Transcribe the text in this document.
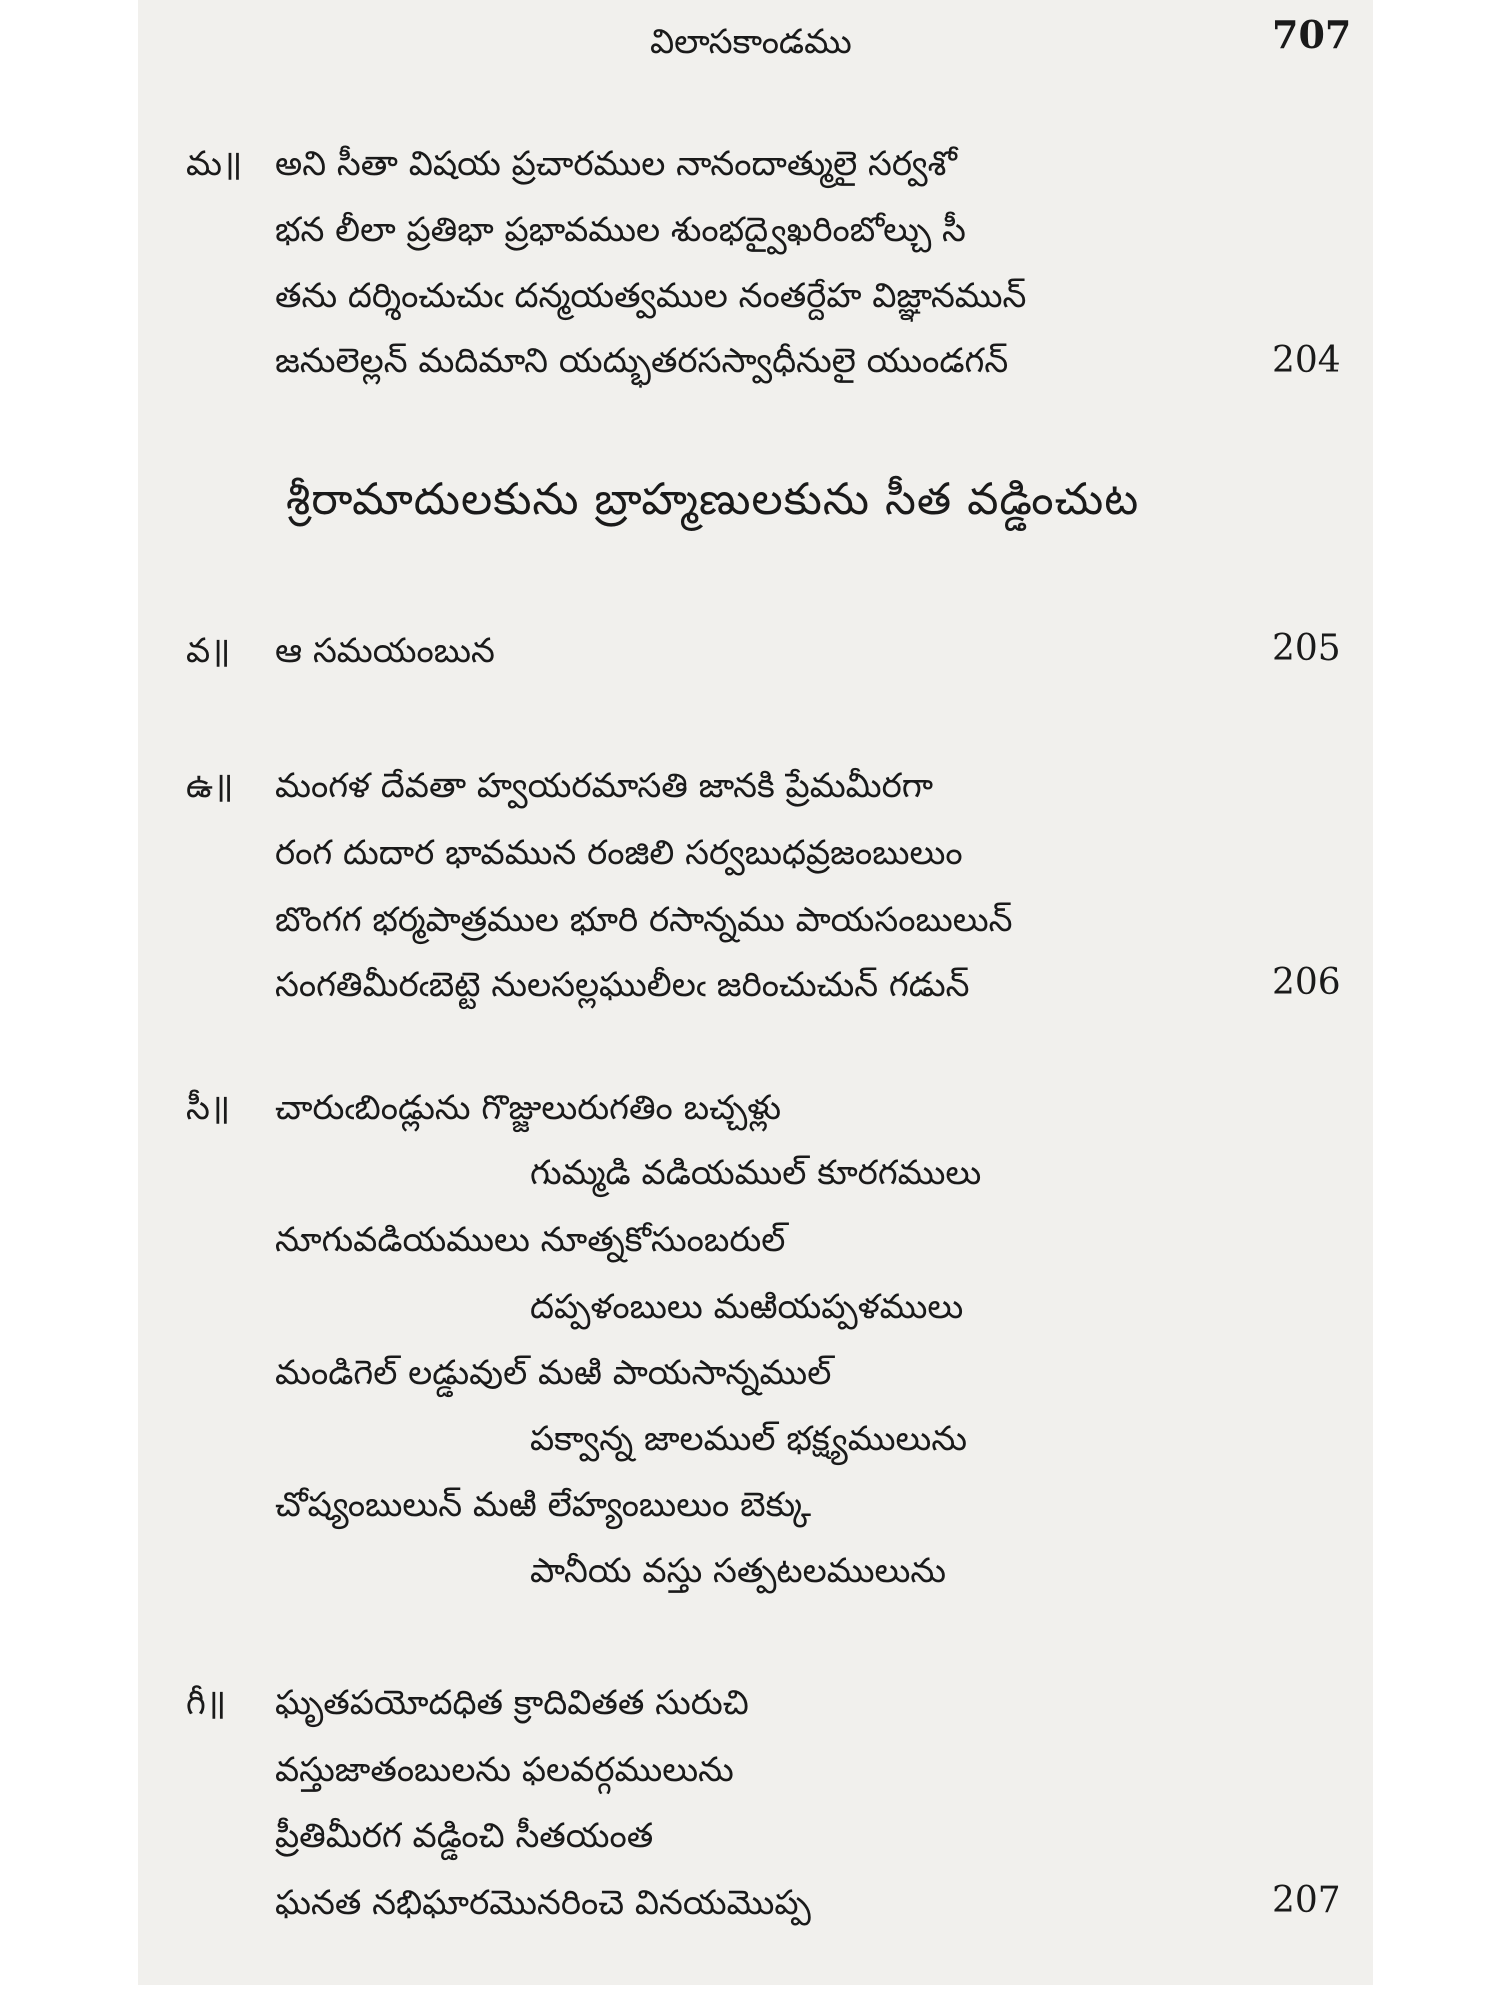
విలాసకాండము	707
మ॥ అని సీతా విషయ ప్రచారముల నానందాత్ములై సర్వశో
భన లీలా ప్రతిభా ప్రభావముల శుంభద్వైఖరింబోల్చు సీ
తను దర్శించుచుఁ దన్మయత్వముల నంతర్దేహ విజ్ఞానమున్
జనులెల్లన్ మదిమాని యద్భుతరసస్వాధీనులై యుండగన్	204
శ్రీరామాదులకును బ్రాహ్మణులకును సీత వడ్డించుట
వ॥ ఆ సమయంబున	205
ఉ॥ మంగళ దేవతా హ్వయరమాసతి జానకి ప్రేమమీరగా
రంగ దుదార భావమున రంజిలి సర్వబుధవ్రజంబులుం
బొంగగ భర్మపాత్రముల భూరి రసాన్నము పాయసంబులున్
సంగతిమీరఁబెట్టె నులసల్లఘులీలఁ జరించుచున్ గడున్	206
సీ॥ చారుఁబిండ్లును గొజ్జులురుగతిం బచ్చళ్లు
గుమ్మడి వడియముల్ కూరగములు
నూగువడియములు నూత్నకోసుంబరుల్
దప్పళంబులు మఱియప్పళములు
మండిగెల్ లడ్డువుల్ మఱి పాయసాన్నముల్
పక్వాన్న జాలముల్ భక్ష్యములును
చోష్యంబులున్ మఱి లేహ్యంబులుం బెక్కు
పానీయ వస్తు సత్పటలములును
గీ॥ ఘృతపయోదధిత క్రాదివితత సురుచి
వస్తుజాతంబులను ఫలవర్గములును
ప్రీతిమీరగ వడ్డించి సీతయంత
ఘనత నభిఘారమొనరించె వినయమొప్ప	207
